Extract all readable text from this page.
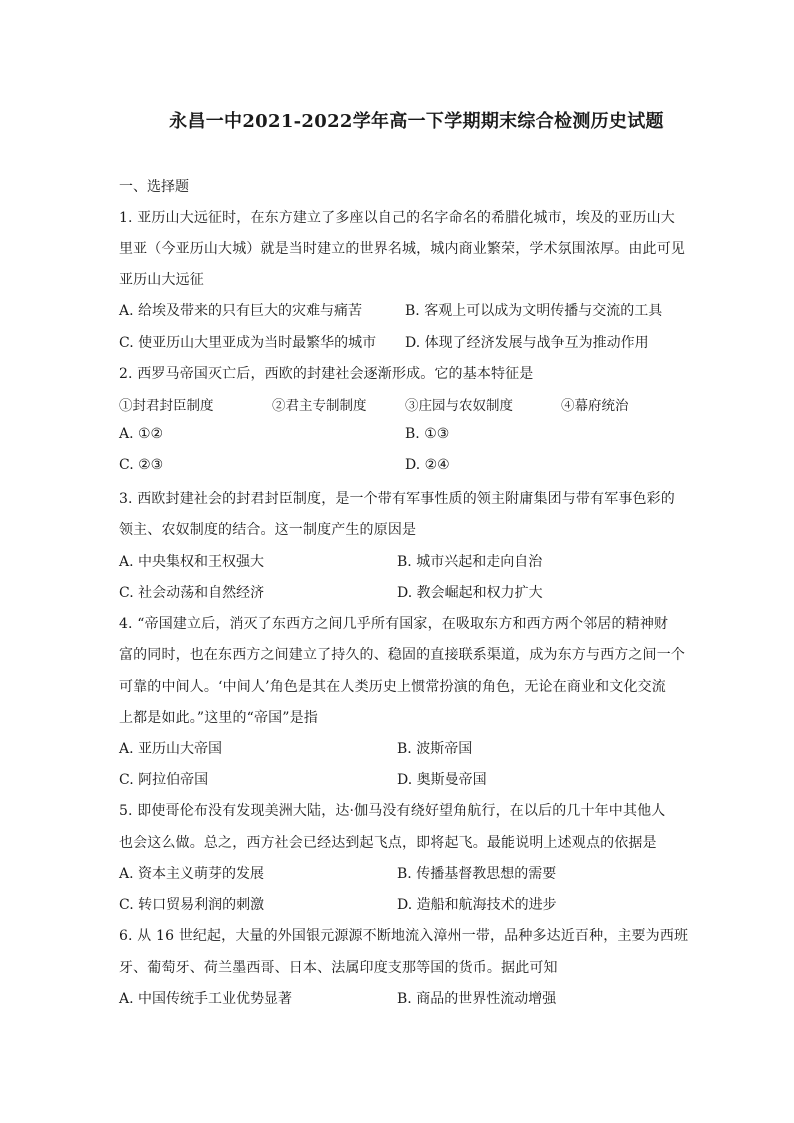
永昌一中2021-2022学年高一下学期期末综合检测历史试题
一、选择题
1. 亚历山大远征时，在东方建立了多座以自己的名字命名的希腊化城市，埃及的亚历山大
里亚（今亚历山大城）就是当时建立的世界名城，城内商业繁荣，学术氛围浓厚。由此可见
亚历山大远征
A. 给埃及带来的只有巨大的灾难与痛苦	B. 客观上可以成为文明传播与交流的工具
C. 使亚历山大里亚成为当时最繁华的城市 D. 体现了经济发展与战争互为推动作用
2. 西罗马帝国灭亡后，西欧的封建社会逐渐形成。它的基本特征是
①封君封臣制度	②君主专制制度	③庄园与农奴制度	④幕府统治
A. ①②	B. ①③
C. ②③	D. ②④
3. 西欧封建社会的封君封臣制度，是一个带有军事性质的领主附庸集团与带有军事色彩的
领主、农奴制度的结合。这一制度产生的原因是
A. 中央集权和王权强大	B. 城市兴起和走向自治
C. 社会动荡和自然经济	D. 教会崛起和权力扩大
4. “帝国建立后，消灭了东西方之间几乎所有国家，在吸取东方和西方两个邻居的精神财
富的同时，也在东西方之间建立了持久的、稳固的直接联系渠道，成为东方与西方之间一个
可靠的中间人。‘中间人’角色是其在人类历史上惯常扮演的角色，无论在商业和文化交流
上都是如此。”这里的“帝国”是指
A. 亚历山大帝国	B. 波斯帝国
C. 阿拉伯帝国	D. 奥斯曼帝国
5. 即使哥伦布没有发现美洲大陆，达·伽马没有绕好望角航行，在以后的几十年中其他人
也会这么做。总之，西方社会已经达到起飞点，即将起飞。最能说明上述观点的依据是
A. 资本主义萌芽的发展	B. 传播基督教思想的需要
C. 转口贸易利润的刺激	D. 造船和航海技术的进步
6. 从 16 世纪起，大量的外国银元源源不断地流入漳州一带，品种多达近百种，主要为西班
牙、葡萄牙、荷兰墨西哥、日本、法属印度支那等国的货币。据此可知
A. 中国传统手工业优势显著	B. 商品的世界性流动增强
